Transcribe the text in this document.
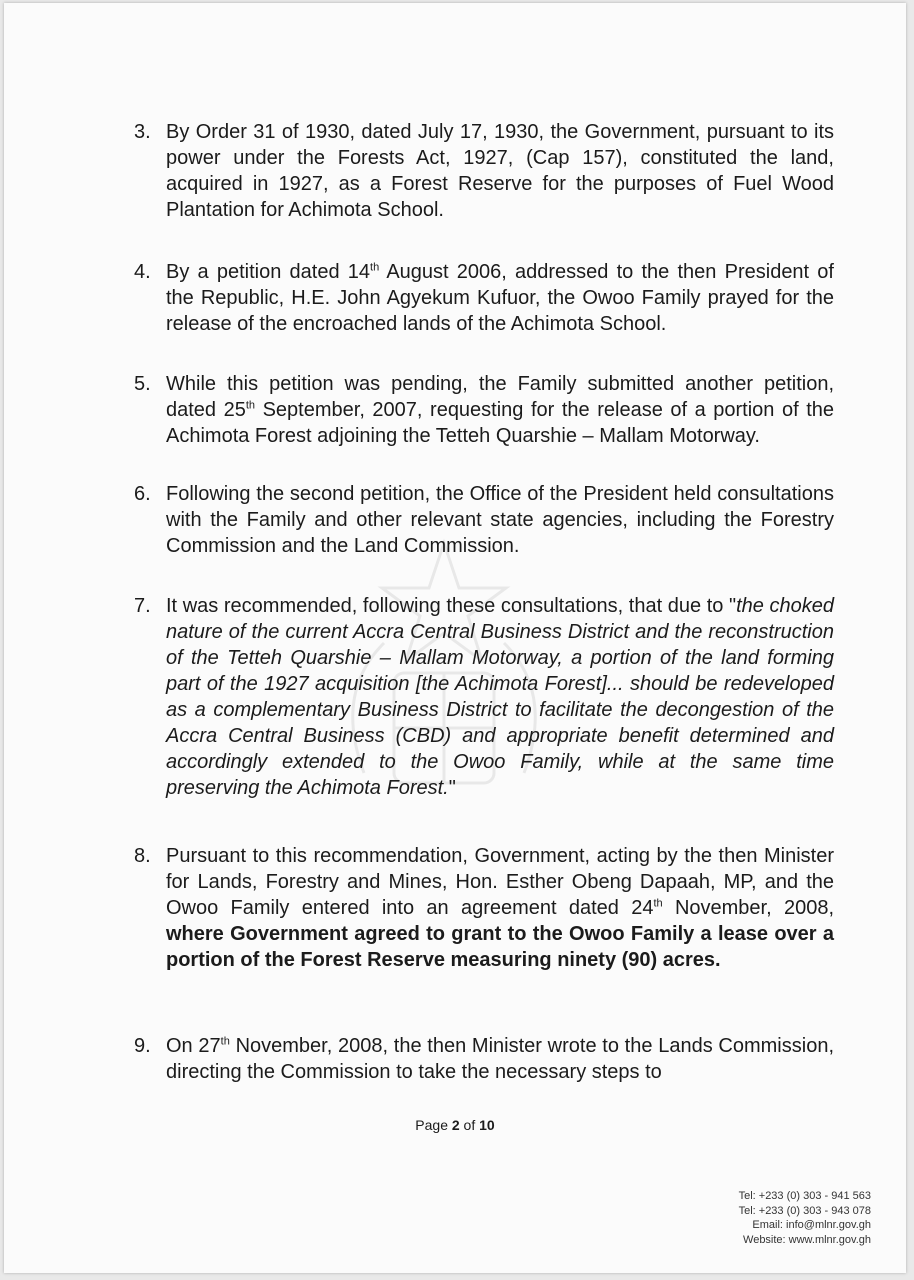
3. By Order 31 of 1930, dated July 17, 1930, the Government, pursuant to its power under the Forests Act, 1927, (Cap 157), constituted the land, acquired in 1927, as a Forest Reserve for the purposes of Fuel Wood Plantation for Achimota School.

4. By a petition dated 14th August 2006, addressed to the then President of the Republic, H.E. John Agyekum Kufuor, the Owoo Family prayed for the release of the encroached lands of the Achimota School.

5. While this petition was pending, the Family submitted another petition, dated 25th September, 2007, requesting for the release of a portion of the Achimota Forest adjoining the Tetteh Quarshie – Mallam Motorway.

6. Following the second petition, the Office of the President held consultations with the Family and other relevant state agencies, including the Forestry Commission and the Land Commission.

7. It was recommended, following these consultations, that due to "the choked nature of the current Accra Central Business District and the reconstruction of the Tetteh Quarshie – Mallam Motorway, a portion of the land forming part of the 1927 acquisition [the Achimota Forest]... should be redeveloped as a complementary Business District to facilitate the decongestion of the Accra Central Business (CBD) and appropriate benefit determined and accordingly extended to the Owoo Family, while at the same time preserving the Achimota Forest."

8. Pursuant to this recommendation, Government, acting by the then Minister for Lands, Forestry and Mines, Hon. Esther Obeng Dapaah, MP, and the Owoo Family entered into an agreement dated 24th November, 2008, where Government agreed to grant to the Owoo Family a lease over a portion of the Forest Reserve measuring ninety (90) acres.

9. On 27th November, 2008, the then Minister wrote to the Lands Commission, directing the Commission to take the necessary steps to

Page 2 of 10
Tel: +233 (0) 303 - 941 563
Tel: +233 (0) 303 - 943 078
Email: info@mlnr.gov.gh
Website: www.mlnr.gov.gh
